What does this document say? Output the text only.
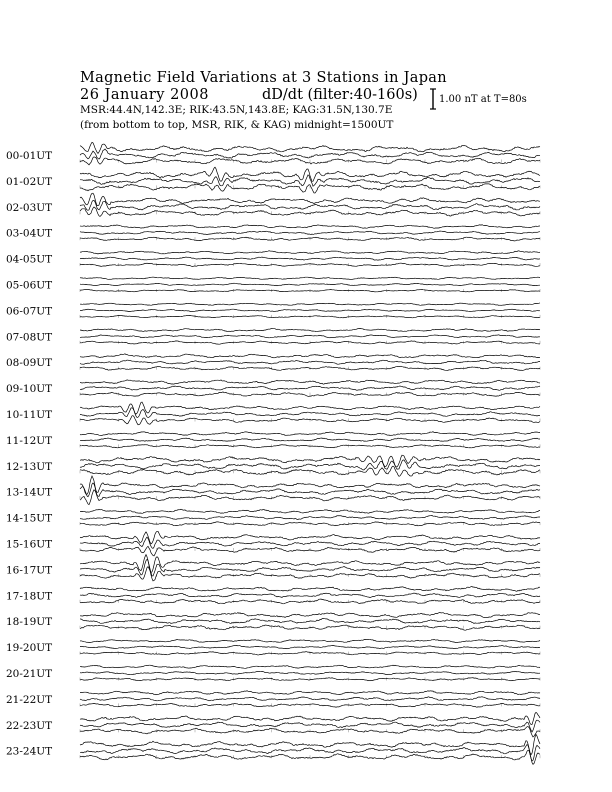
00-01UT
01-02UT
02-03UT
03-04UT
04-05UT
05-06UT
06-07UT
07-08UT
08-09UT
09-10UT
10-11UT
11-12UT
12-13UT
13-14UT
14-15UT
15-16UT
16-17UT
17-18UT
18-19UT
19-20UT
20-21UT
21-22UT
22-23UT
23-24UT
Magnetic Field Variations at 3 Stations in Japan
26 January 2008	dD/dt (filter:40-160s)
MSR:44.4N,142.3E; RIK:43.5N,143.8E; KAG:31.5N,130.7E
(from bottom to top, MSR, RIK, & KAG) midnight=1500UT
1.00 nT at T=80s
